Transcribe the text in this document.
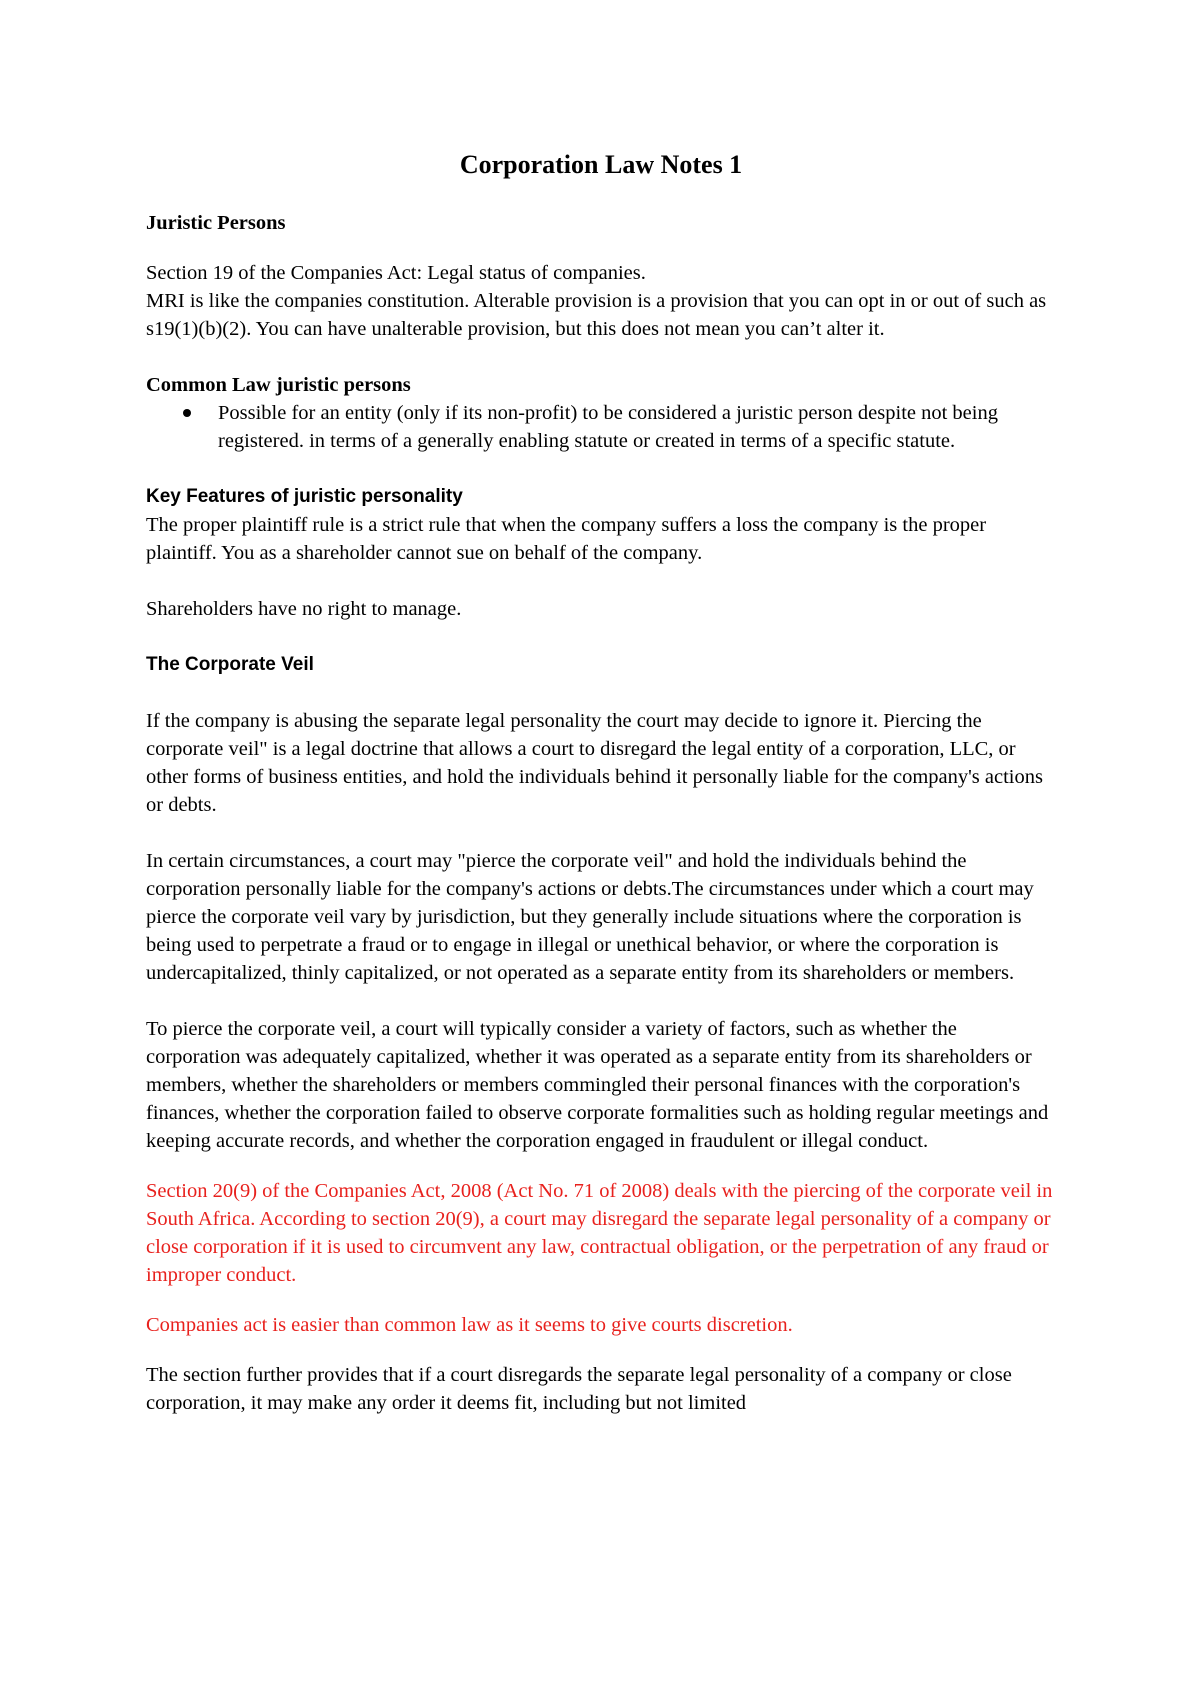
Corporation Law Notes 1
Juristic Persons

Section 19 of the Companies Act: Legal status of companies.

MRI is like the companies constitution. Alterable provision is a provision that you can opt in or out of such as s19(1)(b)(2). You can have unalterable provision, but this does not mean you can’t alter it.

Common Law juristic persons
Possible for an entity (only if its non-profit) to be considered a juristic person despite not being registered. in terms of a generally enabling statute or created in terms of a specific statute.
Key Features of juristic personality

The proper plaintiff rule is a strict rule that when the company suffers a loss the company is the proper plaintiff. You as a shareholder cannot sue on behalf of the company.

Shareholders have no right to manage.

The Corporate Veil

If the company is abusing the separate legal personality the court may decide to ignore it. Piercing the corporate veil" is a legal doctrine that allows a court to disregard the legal entity of a corporation, LLC, or other forms of business entities, and hold the individuals behind it personally liable for the company's actions or debts.

In certain circumstances, a court may "pierce the corporate veil" and hold the individuals behind the corporation personally liable for the company's actions or debts.The circumstances under which a court may pierce the corporate veil vary by jurisdiction, but they generally include situations where the corporation is being used to perpetrate a fraud or to engage in illegal or unethical behavior, or where the corporation is undercapitalized, thinly capitalized, or not operated as a separate entity from its shareholders or members.

To pierce the corporate veil, a court will typically consider a variety of factors, such as whether the corporation was adequately capitalized, whether it was operated as a separate entity from its shareholders or members, whether the shareholders or members commingled their personal finances with the corporation's finances, whether the corporation failed to observe corporate formalities such as holding regular meetings and keeping accurate records, and whether the corporation engaged in fraudulent or illegal conduct.

Section 20(9) of the Companies Act, 2008 (Act No. 71 of 2008) deals with the piercing of the corporate veil in South Africa. According to section 20(9), a court may disregard the separate legal personality of a company or close corporation if it is used to circumvent any law, contractual obligation, or the perpetration of any fraud or improper conduct.

Companies act is easier than common law as it seems to give courts discretion.

The section further provides that if a court disregards the separate legal personality of a company or close corporation, it may make any order it deems fit, including but not limited
